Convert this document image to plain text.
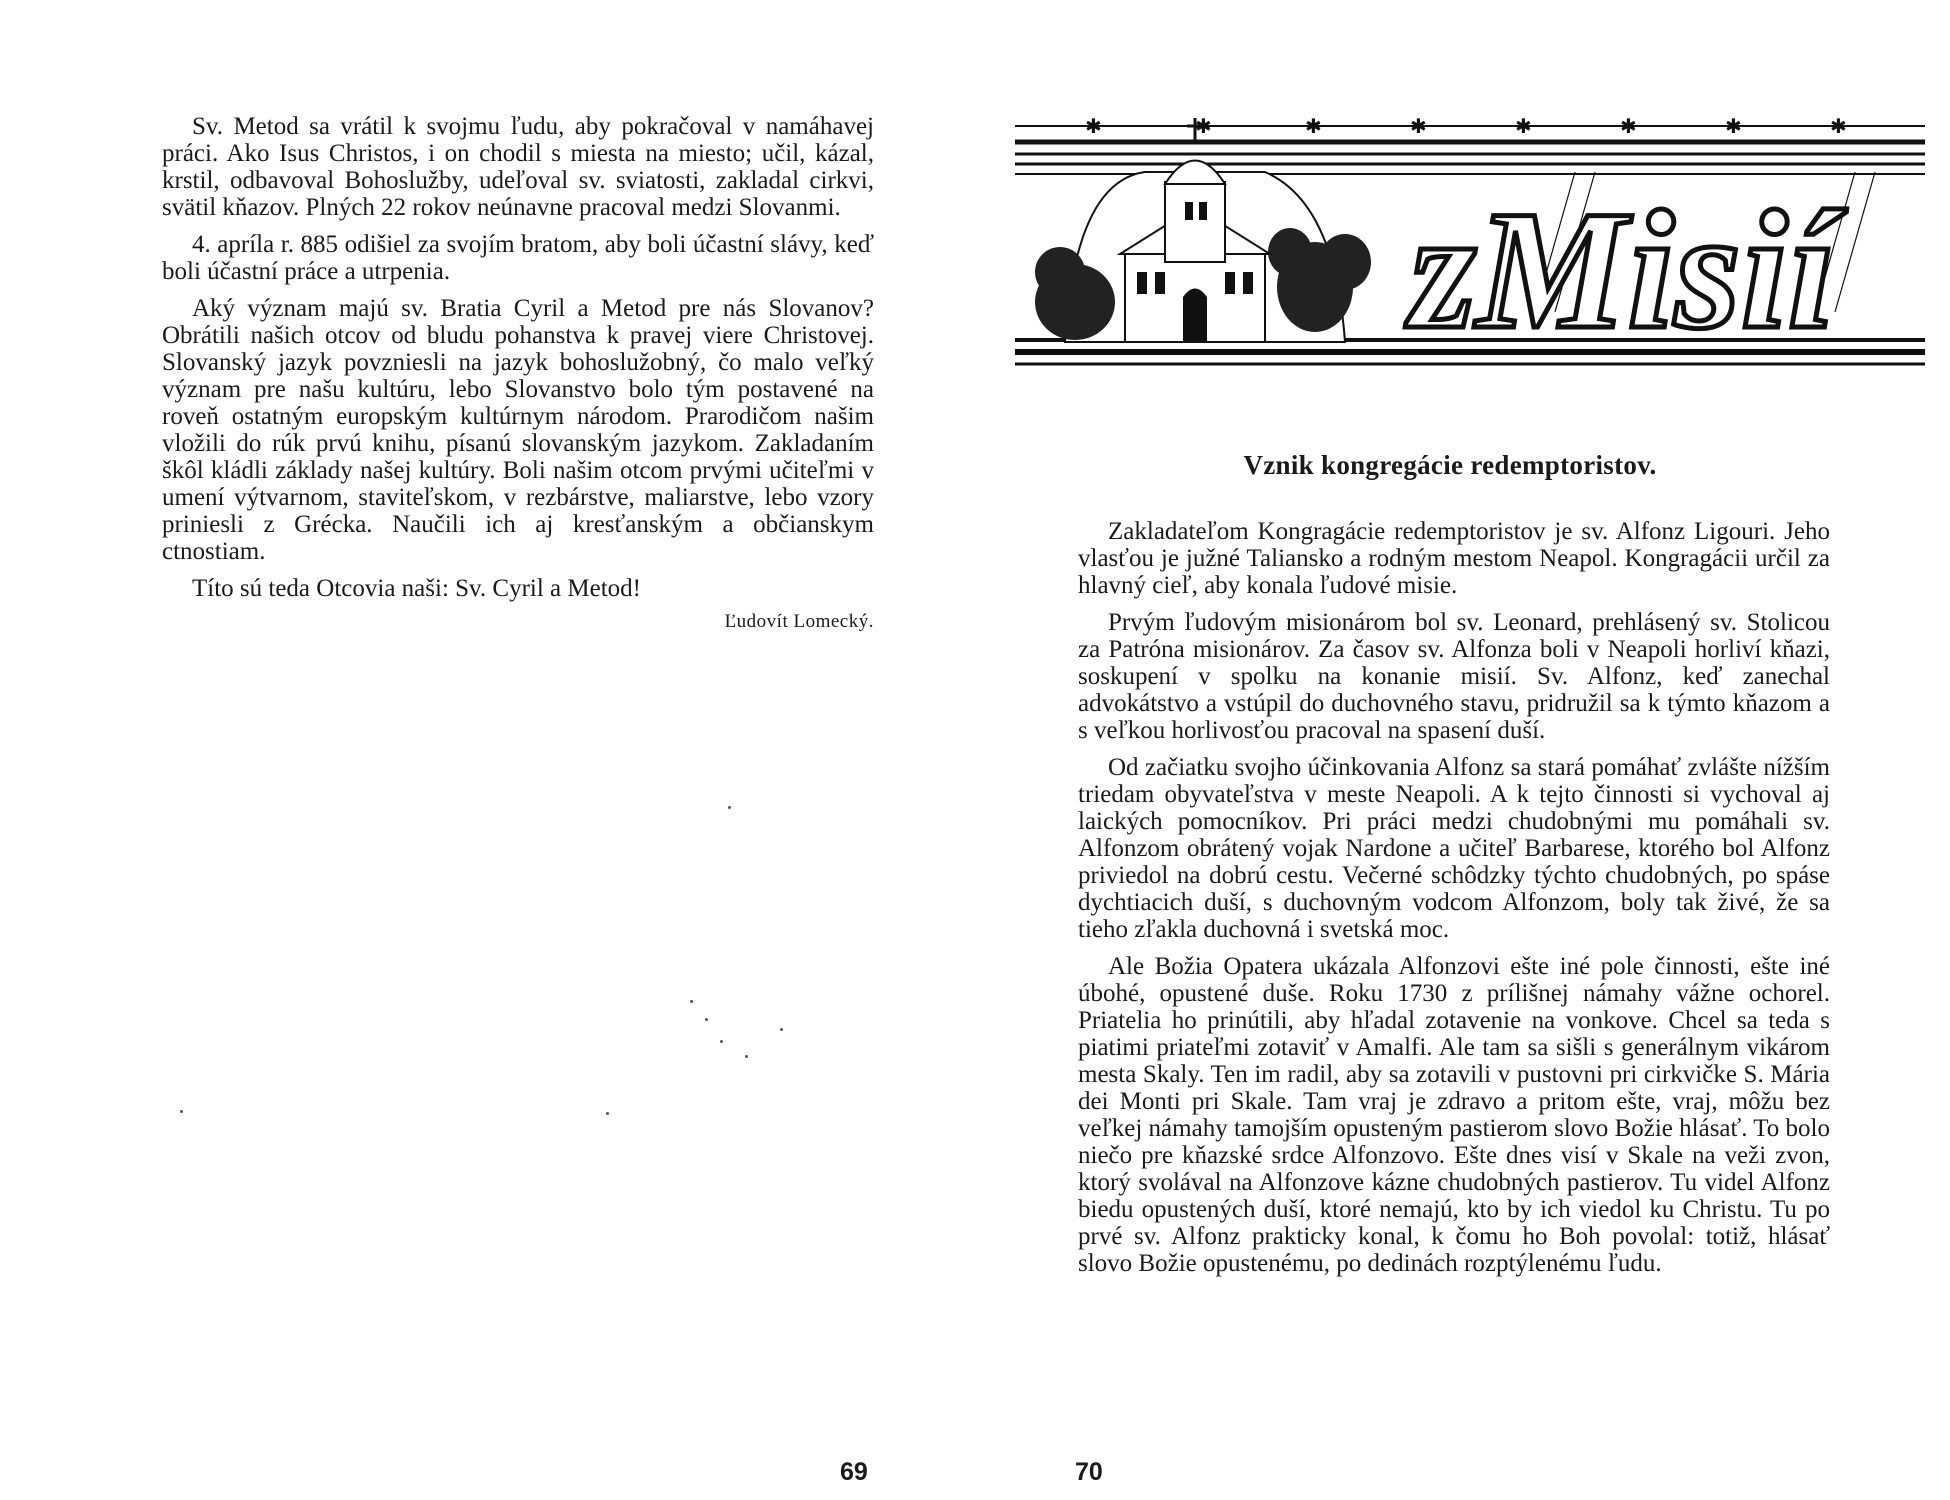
Sv. Metod sa vrátil k svojmu ľudu, aby pokračoval v namáhavej práci. Ako Isus Christos, i on chodil s miesta na miesto; učil, kázal, krstil, odbavoval Bohoslužby, udeľoval sv. sviatosti, zakladal cirkvi, svätil kňazov. Plných 22 rokov neúnavne pracoval medzi Slovanmi.

4. apríla r. 885 odišiel za svojím bratom, aby boli účastní slávy, keď boli účastní práce a utrpenia.

Aký význam majú sv. Bratia Cyril a Metod pre nás Slovanov? Obrátili našich otcov od bludu pohanstva k pravej viere Christovej. Slovanský jazyk povzniesli na jazyk bohoslužobný, čo malo veľký význam pre našu kultúru, lebo Slovanstvo bolo tým postavené na roveň ostatným europským kultúrnym národom. Prarodičom našim vložili do rúk prvú knihu, písanú slovanským jazykom. Zakladaním škôl kládli základy našej kultúry. Boli našim otcom prvými učiteľmi v umení výtvarnom, staviteľskom, v rezbárstve, maliarstve, lebo vzory priniesli z Grécka. Naučili ich aj kresťanským a občianskym ctnostiam.

Títo sú teda Otcovia naši: Sv. Cyril a Metod!

Ľudovít Lomecký.
69
✱	✱	✱	✱	✱	✱	✱	✱
zMisií
Vznik kongregácie redemptoristov.

Zakladateľom Kongragácie redemptoristov je sv. Alfonz Ligouri. Jeho vlasťou je južné Taliansko a rodným mestom Neapol. Kongragácii určil za hlavný cieľ, aby konala ľudové misie.

Prvým ľudovým misionárom bol sv. Leonard, prehlásený sv. Stolicou za Patróna misionárov. Za časov sv. Alfonza boli v Neapoli horliví kňazi, soskupení v spolku na konanie misií. Sv. Alfonz, keď zanechal advokátstvo a vstúpil do duchovného stavu, pridružil sa k týmto kňazom a s veľkou horlivosťou pracoval na spasení duší.

Od začiatku svojho účinkovania Alfonz sa stará pomáhať zvlášte nížším triedam obyvateľstva v meste Neapoli. A k tejto činnosti si vychoval aj laických pomocníkov. Pri práci medzi chudobnými mu pomáhali sv. Alfonzom obrátený vojak Nardone a učiteľ Barbarese, ktorého bol Alfonz priviedol na dobrú cestu. Večerné schôdzky týchto chudobných, po spáse dychtiacich duší, s duchovným vodcom Alfonzom, boly tak živé, že sa tieho zľakla duchovná i svetská moc.

Ale Božia Opatera ukázala Alfonzovi ešte iné pole činnosti, ešte iné úbohé, opustené duše. Roku 1730 z prílišnej námahy vážne ochorel. Priatelia ho prinútili, aby hľadal zotavenie na vonkove. Chcel sa teda s piatimi priateľmi zotaviť v Amalfi. Ale tam sa sišli s generálnym vikárom mesta Skaly. Ten im radil, aby sa zotavili v pustovni pri cirkvičke S. Mária dei Monti pri Skale. Tam vraj je zdravo a pritom ešte, vraj, môžu bez veľkej námahy tamojším opusteným pastierom slovo Božie hlásať. To bolo niečo pre kňazské srdce Alfonzovo. Ešte dnes visí v Skale na veži zvon, ktorý svolával na Alfonzove kázne chudobných pastierov. Tu videl Alfonz biedu opustených duší, ktoré nemajú, kto by ich viedol ku Christu. Tu po prvé sv. Alfonz prakticky konal, k čomu ho Boh povolal: totiž, hlásať slovo Božie opustenému, po dedinách rozptýlenému ľudu.

70
